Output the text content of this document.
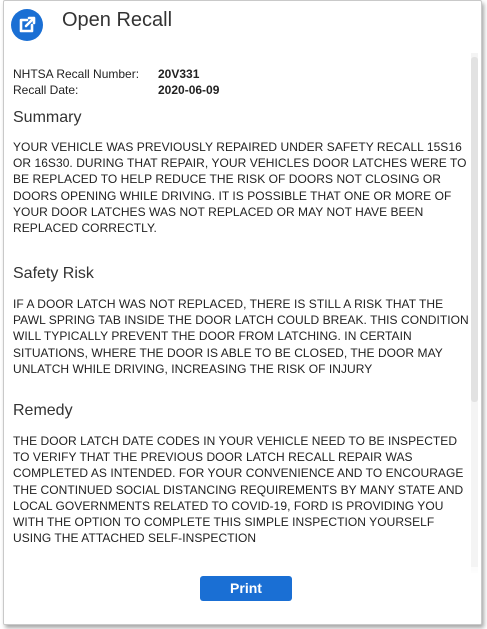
Open Recall
NHTSA Recall Number: 20V331
Recall Date:	2020-06-09
Summary
YOUR VEHICLE WAS PREVIOUSLY REPAIRED UNDER SAFETY RECALL 15S16 OR 16S30. DURING THAT REPAIR, YOUR VEHICLES DOOR LATCHES WERE TO BE REPLACED TO HELP REDUCE THE RISK OF DOORS NOT CLOSING OR DOORS OPENING WHILE DRIVING. IT IS POSSIBLE THAT ONE OR MORE OF YOUR DOOR LATCHES WAS NOT REPLACED OR MAY NOT HAVE BEEN REPLACED CORRECTLY.
Safety Risk
IF A DOOR LATCH WAS NOT REPLACED, THERE IS STILL A RISK THAT THE PAWL SPRING TAB INSIDE THE DOOR LATCH COULD BREAK. THIS CONDITION WILL TYPICALLY PREVENT THE DOOR FROM LATCHING. IN CERTAIN SITUATIONS, WHERE THE DOOR IS ABLE TO BE CLOSED, THE DOOR MAY UNLATCH WHILE DRIVING, INCREASING THE RISK OF INJURY
Remedy
THE DOOR LATCH DATE CODES IN YOUR VEHICLE NEED TO BE INSPECTED TO VERIFY THAT THE PREVIOUS DOOR LATCH RECALL REPAIR WAS COMPLETED AS INTENDED. FOR YOUR CONVENIENCE AND TO ENCOURAGE THE CONTINUED SOCIAL DISTANCING REQUIREMENTS BY MANY STATE AND LOCAL GOVERNMENTS RELATED TO COVID-19, FORD IS PROVIDING YOU WITH THE OPTION TO COMPLETE THIS SIMPLE INSPECTION YOURSELF USING THE ATTACHED SELF-INSPECTION
Print
